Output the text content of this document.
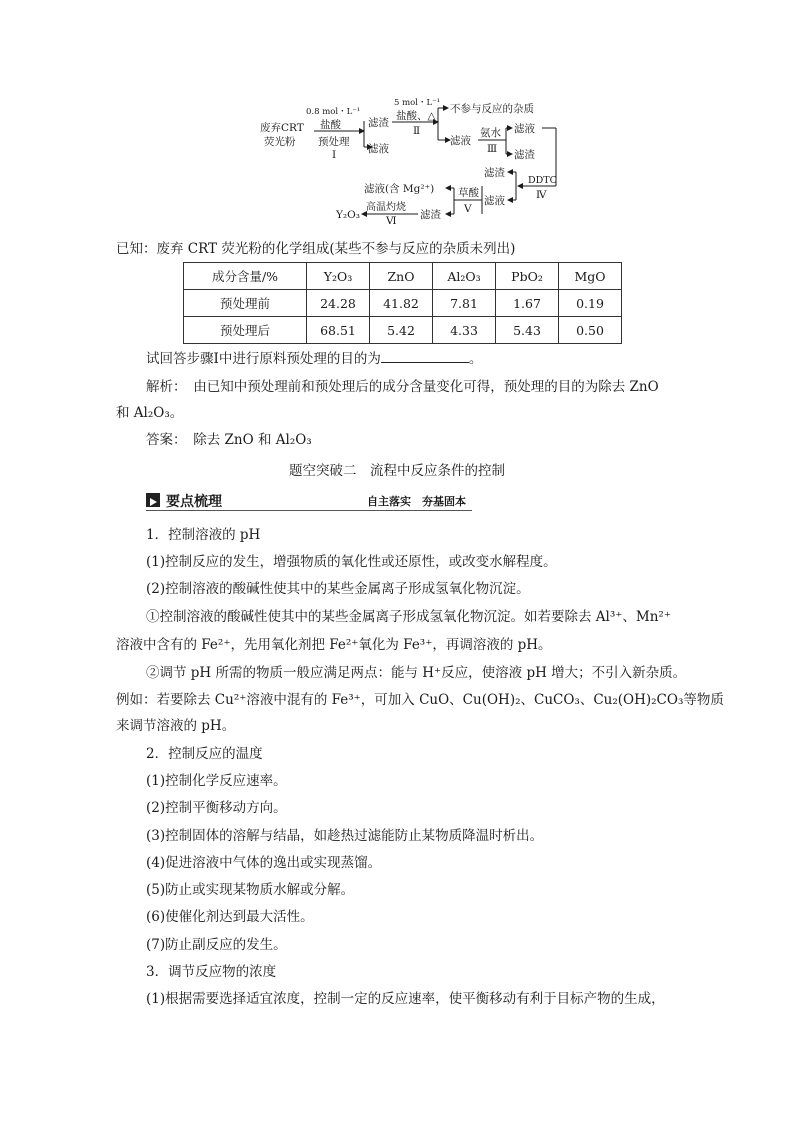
废弃CRT
荧光粉
0.8 mol・L⁻¹
盐酸
预处理
Ⅰ
滤渣
滤液
5 mol・L⁻¹
盐酸、△
Ⅱ
不参与反应的杂质
滤液
氨水
Ⅲ
滤液
滤渣
DDTC
Ⅳ
滤渣
滤液
草酸
Ⅴ
滤液(含 Mg²⁺)
滤渣
高温灼烧
Ⅵ
Y₂O₃
已知：废弃 CRT 荧光粉的化学组成(某些不参与反应的杂质未列出)
成分含量/%	Y₂O₃	ZnO	Al₂O₃	PbO₂	MgO
预处理前	24.28	41.82	7.81	1.67	0.19
预处理后	68.51	5.42	4.33	5.43	0.50
试回答步骤Ⅰ中进行原料预处理的目的为	。
解析：　由已知中预处理前和预处理后的成分含量变化可得，预处理的目的为除去 ZnO
和 Al₂O₃。
答案：　除去 ZnO 和 Al₂O₃
题空突破二　流程中反应条件的控制
要点梳理	自主落实　夯基固本
1．控制溶液的 pH
(1)控制反应的发生，增强物质的氧化性或还原性，或改变水解程度。
(2)控制溶液的酸碱性使其中的某些金属离子形成氢氧化物沉淀。
①控制溶液的酸碱性使其中的某些金属离子形成氢氧化物沉淀。如若要除去 Al³⁺、Mn²⁺
溶液中含有的 Fe²⁺，先用氧化剂把 Fe²⁺氧化为 Fe³⁺，再调溶液的 pH。
②调节 pH 所需的物质一般应满足两点：能与 H⁺反应，使溶液 pH 增大；不引入新杂质。
例如：若要除去 Cu²⁺溶液中混有的 Fe³⁺，可加入 CuO、Cu(OH)₂、CuCO₃、Cu₂(OH)₂CO₃等物质
来调节溶液的 pH。
2．控制反应的温度
(1)控制化学反应速率。
(2)控制平衡移动方向。
(3)控制固体的溶解与结晶，如趁热过滤能防止某物质降温时析出。
(4)促进溶液中气体的逸出或实现蒸馏。
(5)防止或实现某物质水解或分解。
(6)使催化剂达到最大活性。
(7)防止副反应的发生。
3．调节反应物的浓度
(1)根据需要选择适宜浓度，控制一定的反应速率，使平衡移动有利于目标产物的生成，
